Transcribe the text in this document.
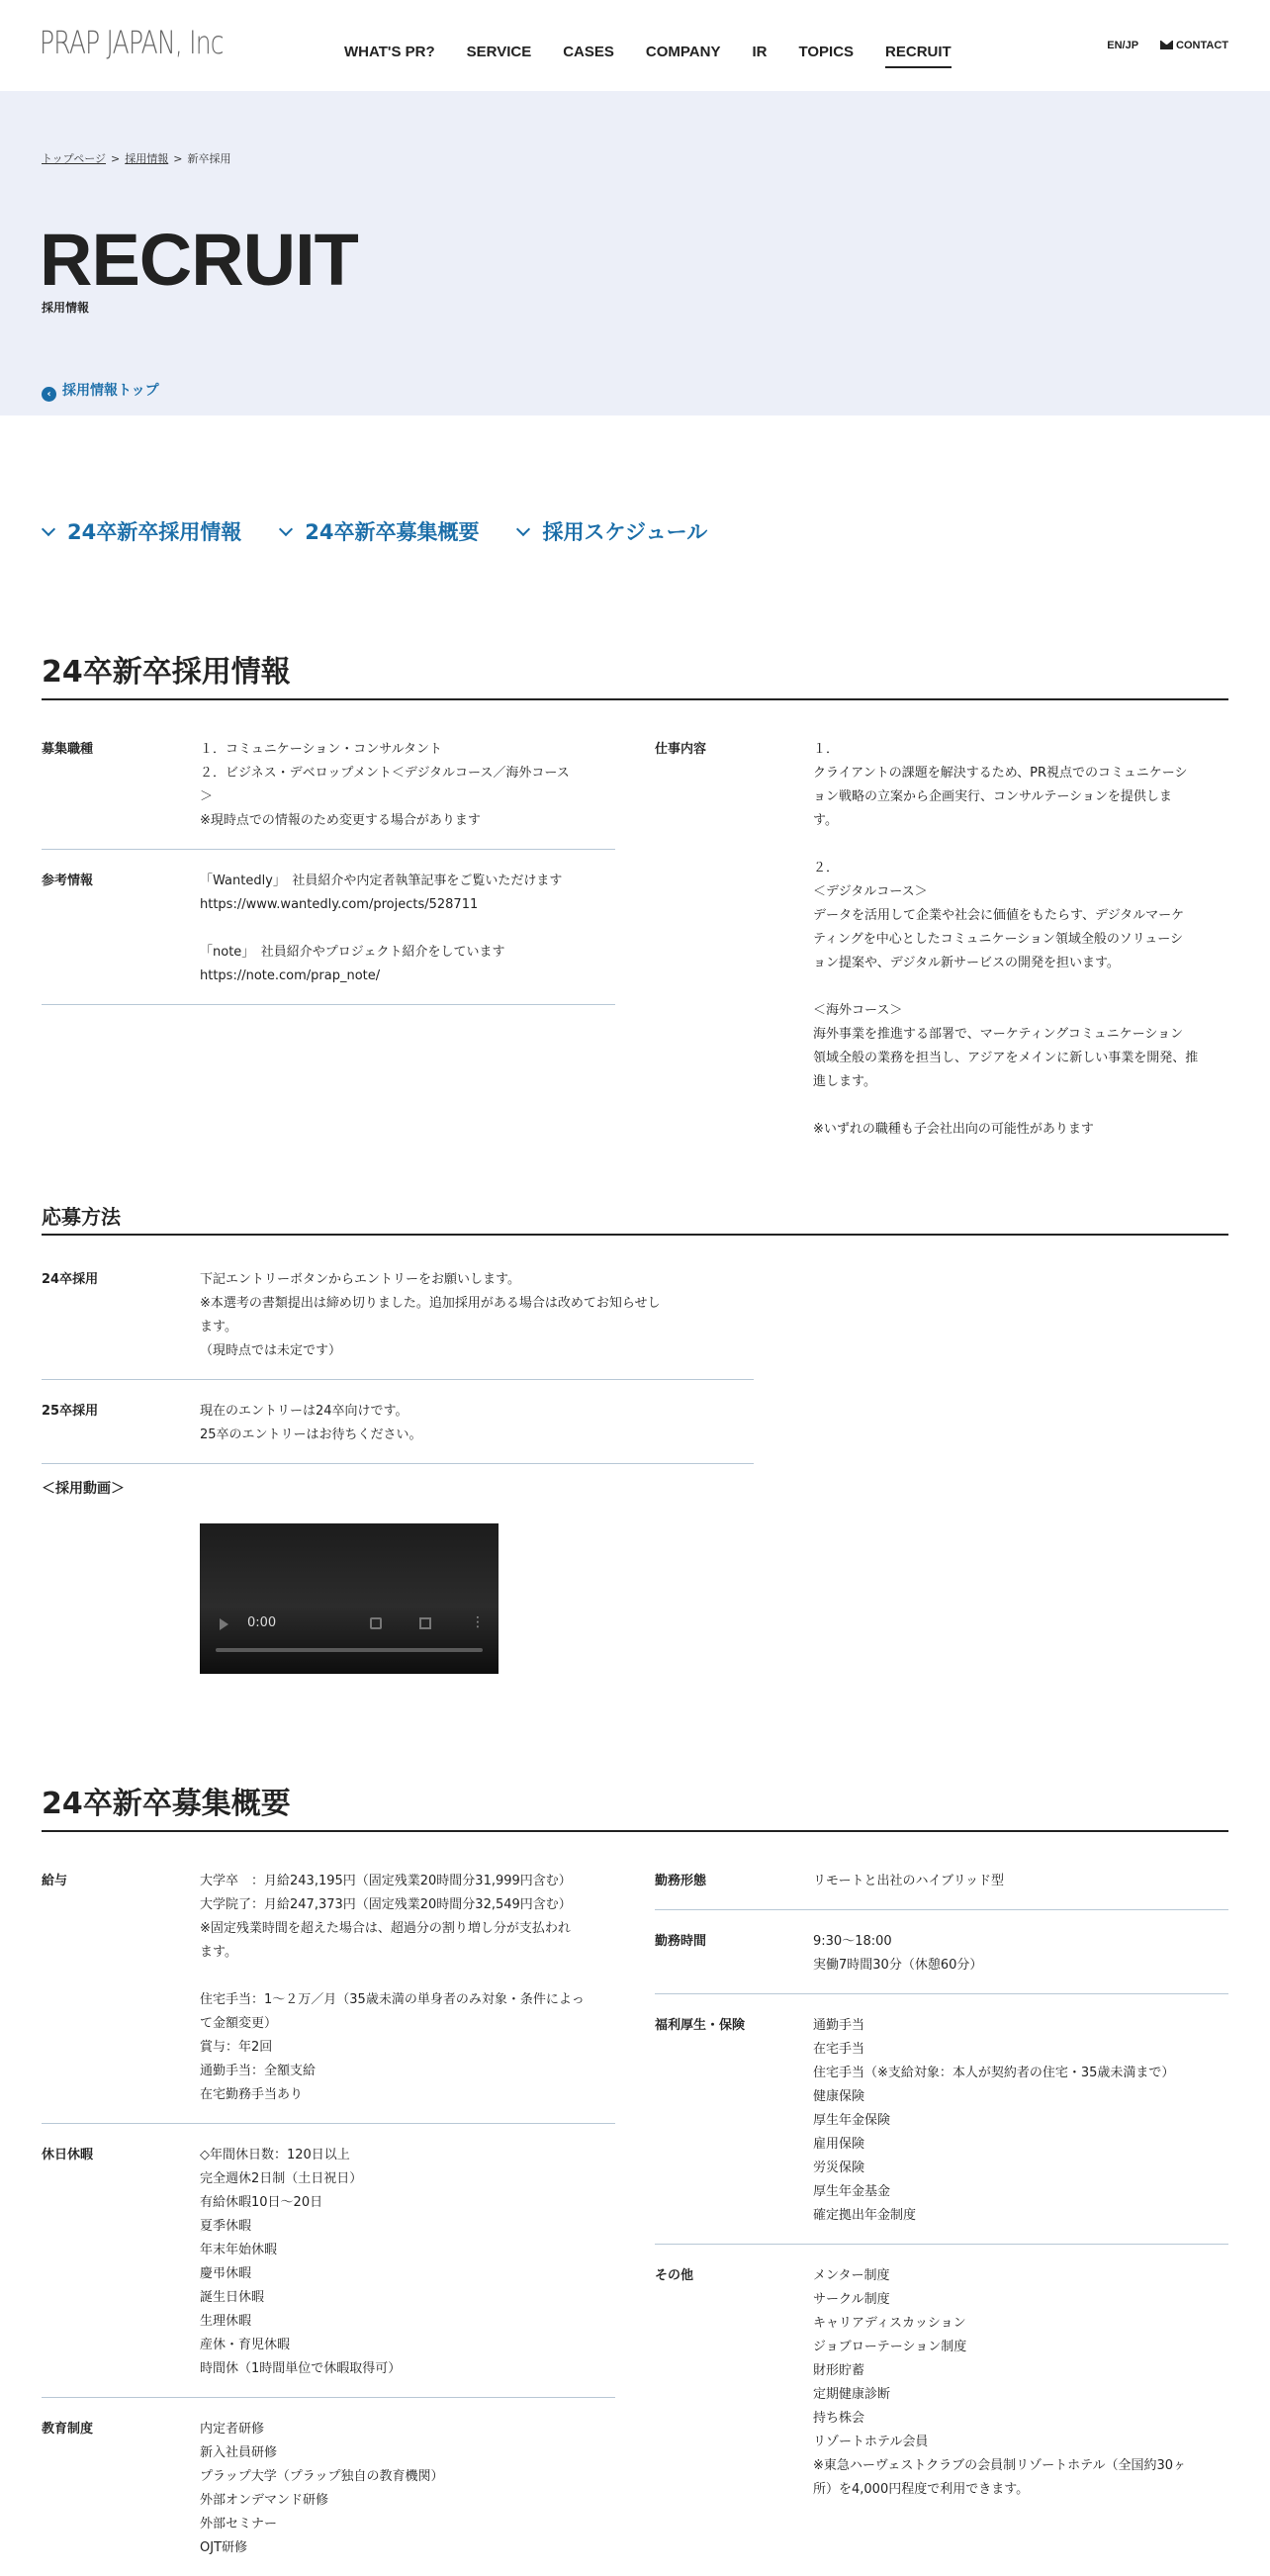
PRAP JAPAN, Inc	WHAT'S PR? SERVICE CASES COMPANY IR TOPICS RECRUIT	EN/JP	CONTACT
トップページ > 採用情報 > 新卒採用
RECRUIT
採用情報
‹ 採用情報トップ
24卒新卒採用情報	24卒新卒募集概要	採用スケジュール
24卒新卒採用情報
募集職種	１．コミュニケーション・コンサルタント
２．ビジネス・デベロップメント＜デジタルコース／海外コース
＞
※現時点での情報のため変更する場合があります
参考情報	「Wantedly」　社員紹介や内定者執筆記事をご覧いただけます
https://www.wantedly.com/projects/528711
「note」　社員紹介やプロジェクト紹介をしています
https://note.com/prap_note/
仕事内容	１．
クライアントの課題を解決するため、PR視点でのコミュニケーシ
ョン戦略の立案から企画実行、コンサルテーションを提供しま
す。
２．
＜デジタルコース＞
データを活用して企業や社会に価値をもたらす、デジタルマーケ
ティングを中心としたコミュニケーション領域全般のソリューシ
ョン提案や、デジタル新サービスの開発を担います。
＜海外コース＞
海外事業を推進する部署で、マーケティングコミュニケーション
領域全般の業務を担当し、アジアをメインに新しい事業を開発、推
進します。
※いずれの職種も子会社出向の可能性があります
応募方法
24卒採用	下記エントリーボタンからエントリーをお願いします。
※本選考の書類提出は締め切りました。追加採用がある場合は改めてお知らせし
ます。
（現時点では未定です）
25卒採用	現在のエントリーは24卒向けです。
25卒のエントリーはお待ちください。
＜採用動画＞
0:00	⋮
24卒新卒募集概要
給与	大学卒　：月給243,195円（固定残業20時間分31,999円含む）
大学院了：月給247,373円（固定残業20時間分32,549円含む）
※固定残業時間を超えた場合は、超過分の割り増し分が支払われ
ます。
住宅手当：1～２万／月（35歳未満の単身者のみ対象・条件によっ
て金額変更）
賞与：年2回
通勤手当：全額支給
在宅勤務手当あり
休日休暇	◇年間休日数：120日以上
完全週休2日制（土日祝日）
有給休暇10日～20日
夏季休暇
年末年始休暇
慶弔休暇
誕生日休暇
生理休暇
産休・育児休暇
時間休（1時間単位で休暇取得可）
教育制度	内定者研修
新入社員研修
プラップ大学（プラップ独自の教育機関）
外部オンデマンド研修
外部セミナー
OJT研修
勤務形態	リモートと出社のハイブリッド型
勤務時間	9:30～18:00
実働7時間30分（休憩60分）
福利厚生・保険	通勤手当
在宅手当
住宅手当（※支給対象：本人が契約者の住宅・35歳未満まで）
健康保険
厚生年金保険
雇用保険
労災保険
厚生年金基金
確定拠出年金制度
その他	メンター制度
サークル制度
キャリアディスカッション
ジョブローテーション制度
財形貯蓄
定期健康診断
持ち株会
リゾートホテル会員
※東急ハーヴェストクラブの会員制リゾートホテル（全国約30ヶ
所）を4,000円程度で利用できます。
